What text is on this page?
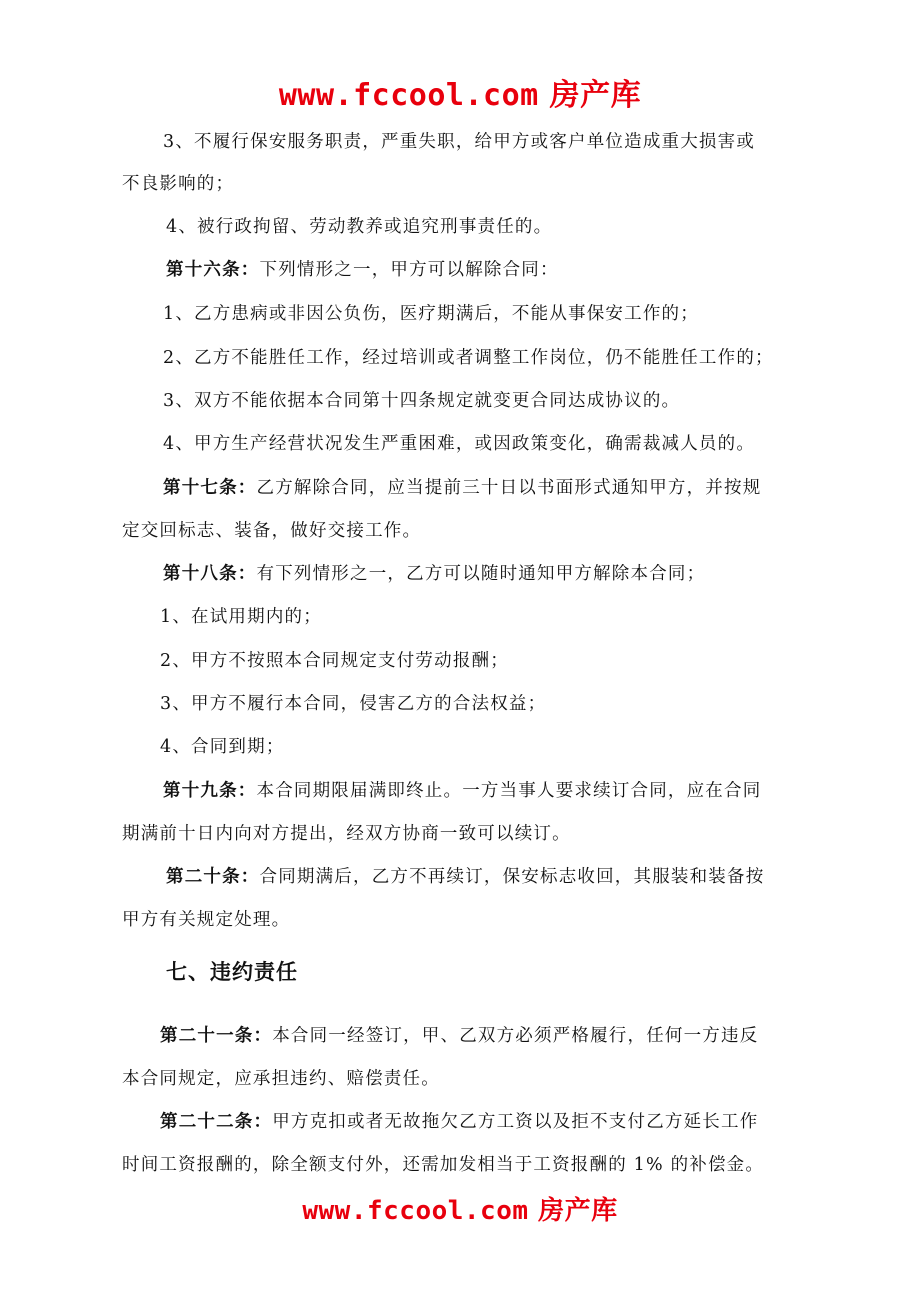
www.fccool.com 房产库
3、不履行保安服务职责，严重失职，给甲方或客户单位造成重大损害或
不良影响的；
4、被行政拘留、劳动教养或追究刑事责任的。
第十六条：下列情形之一，甲方可以解除合同：
1、乙方患病或非因公负伤，医疗期满后，不能从事保安工作的；
2、乙方不能胜任工作，经过培训或者调整工作岗位，仍不能胜任工作的；
3、双方不能依据本合同第十四条规定就变更合同达成协议的。
4、甲方生产经营状况发生严重困难，或因政策变化，确需裁减人员的。
第十七条：乙方解除合同，应当提前三十日以书面形式通知甲方，并按规
定交回标志、装备，做好交接工作。
第十八条：有下列情形之一，乙方可以随时通知甲方解除本合同；
1、在试用期内的；
2、甲方不按照本合同规定支付劳动报酬；
3、甲方不履行本合同，侵害乙方的合法权益；
4、合同到期；
第十九条：本合同期限届满即终止。一方当事人要求续订合同，应在合同
期满前十日内向对方提出，经双方协商一致可以续订。
第二十条：合同期满后，乙方不再续订，保安标志收回，其服装和装备按
甲方有关规定处理。
七、违约责任
第二十一条：本合同一经签订，甲、乙双方必须严格履行，任何一方违反
本合同规定，应承担违约、赔偿责任。
第二十二条：甲方克扣或者无故拖欠乙方工资以及拒不支付乙方延长工作
时间工资报酬的，除全额支付外，还需加发相当于工资报酬的 1% 的补偿金。
www.fccool.com 房产库
